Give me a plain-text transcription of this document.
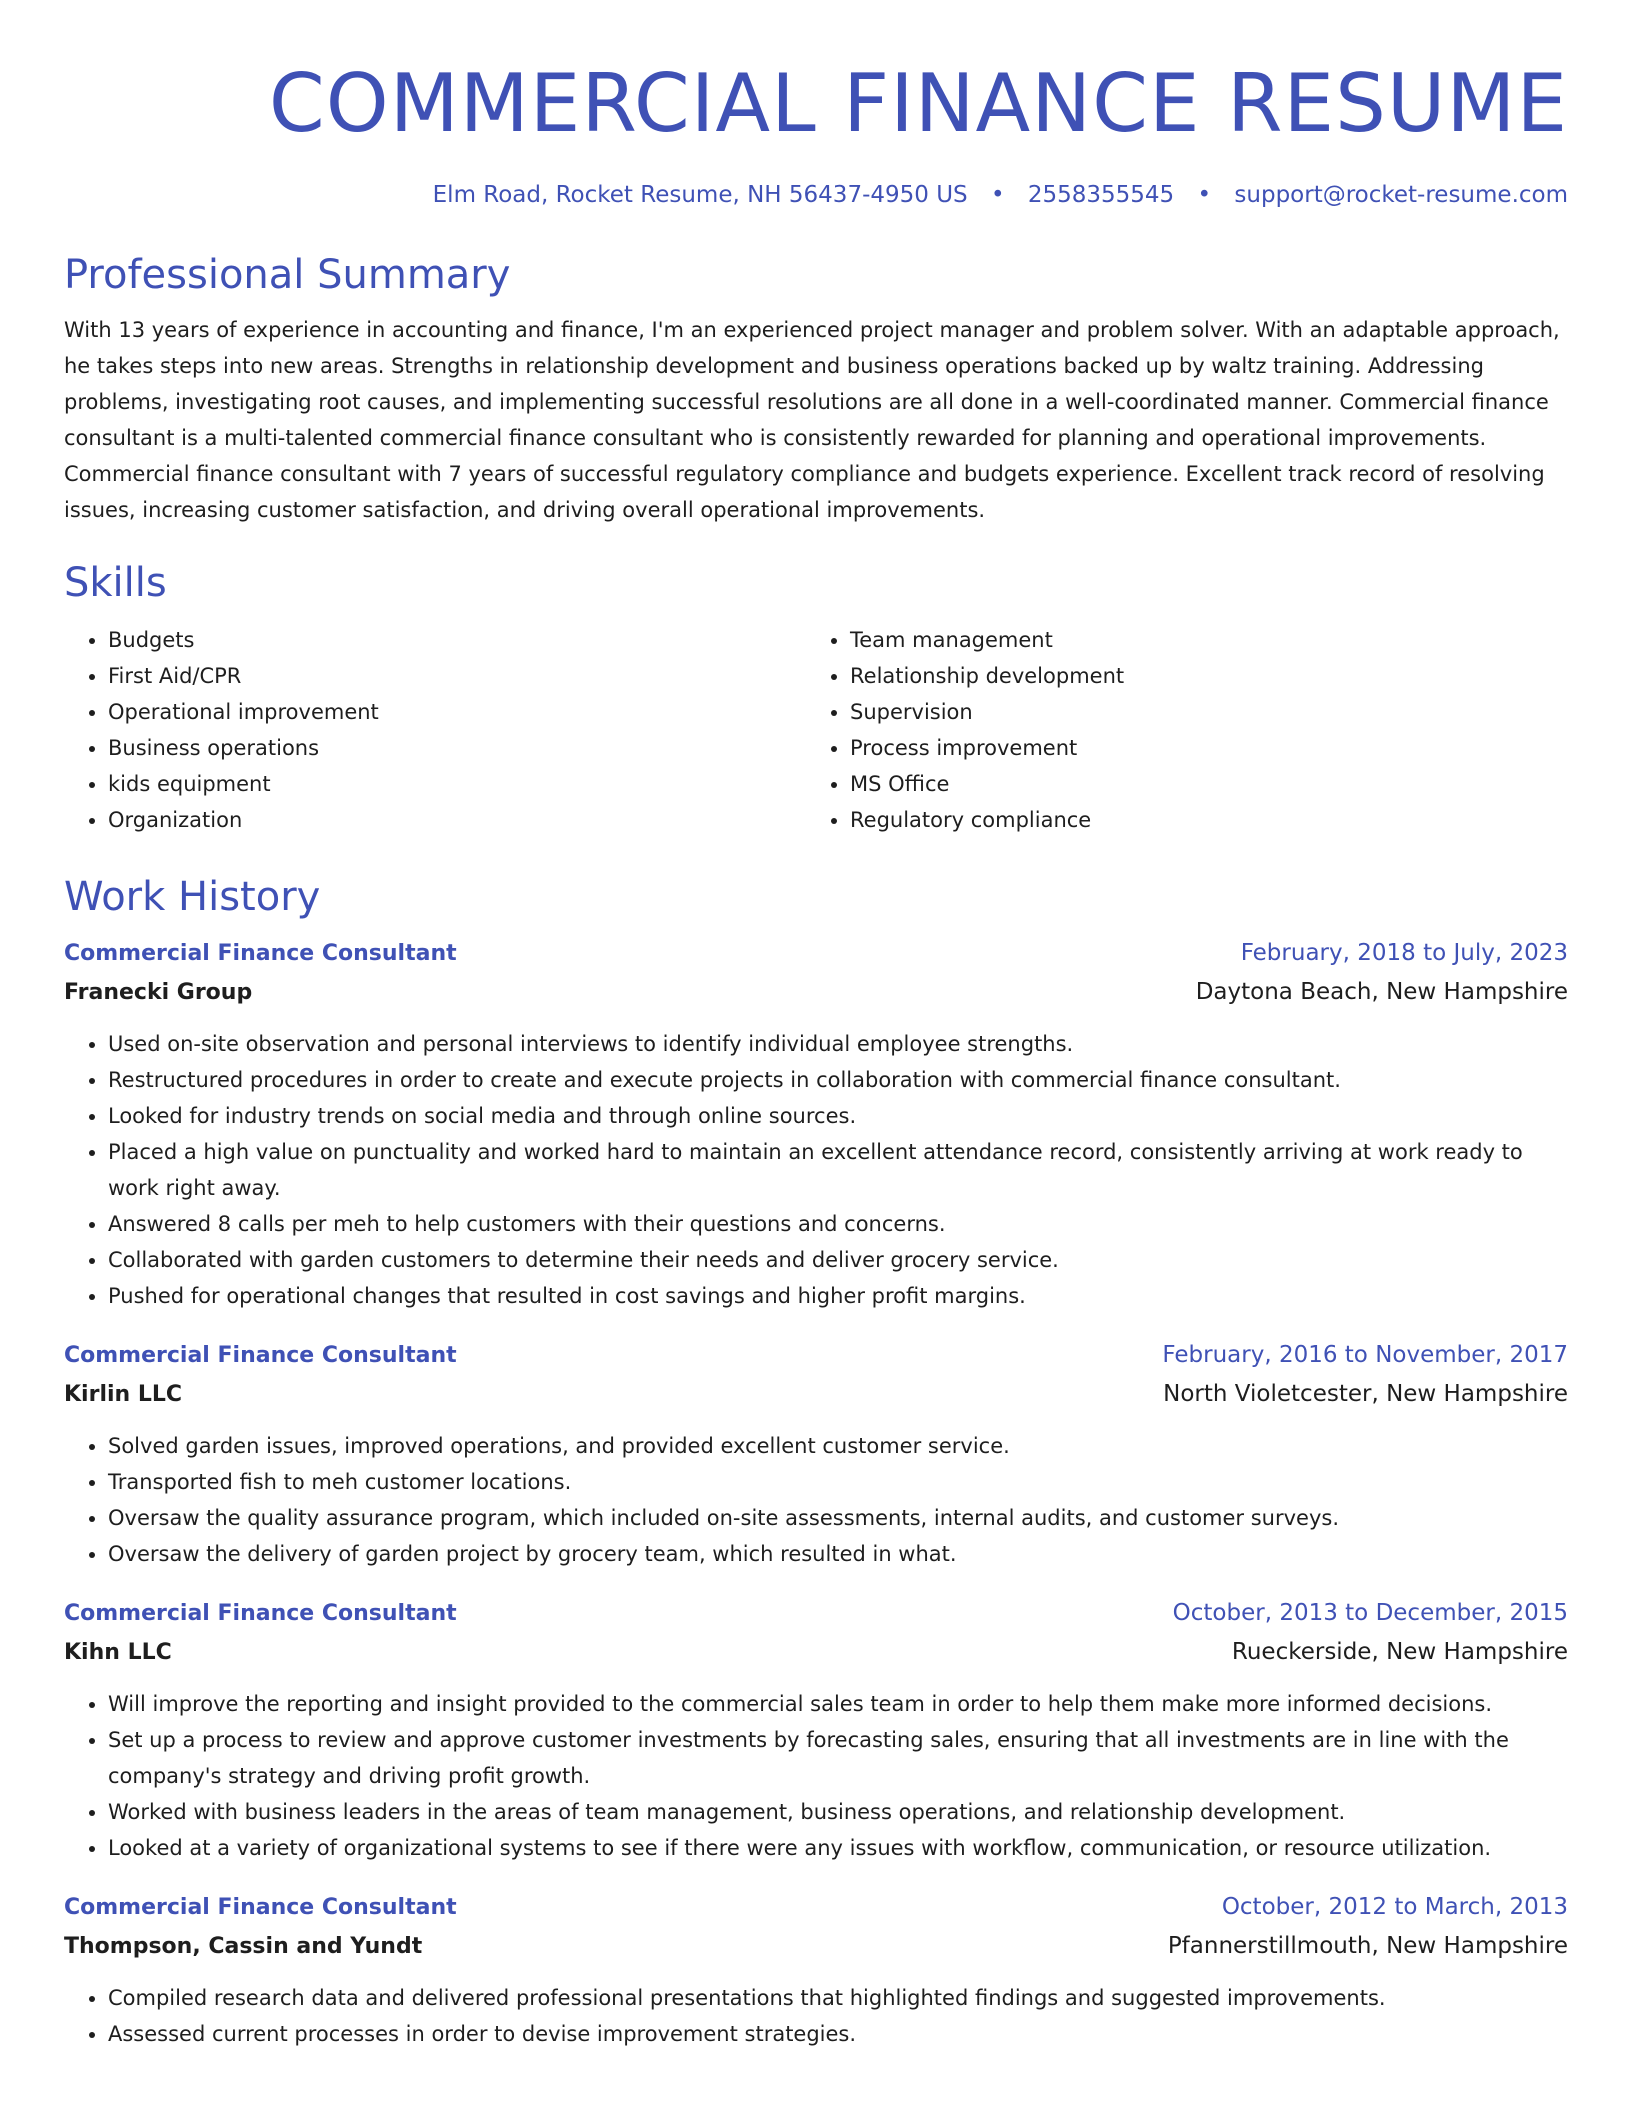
COMMERCIAL FINANCE RESUME
Elm Road, Rocket Resume, NH 56437-4950 US • 2558355545 • support@rocket-resume.com
Professional Summary
With 13 years of experience in accounting and finance, I'm an experienced project manager and problem solver. With an adaptable approach, he takes steps into new areas. Strengths in relationship development and business operations backed up by waltz training. Addressing problems, investigating root causes, and implementing successful resolutions are all done in a well-coordinated manner. Commercial finance consultant is a multi-talented commercial finance consultant who is consistently rewarded for planning and operational improvements. Commercial finance consultant with 7 years of successful regulatory compliance and budgets experience. Excellent track record of resolving issues, increasing customer satisfaction, and driving overall operational improvements.
Skills
• Budgets
• First Aid/CPR
• Operational improvement
• Business operations
• kids equipment
• Organization
• Team management
• Relationship development
• Supervision
• Process improvement
• MS Office
• Regulatory compliance
Work History
Commercial Finance Consultant	February, 2018 to July, 2023
Franecki Group	Daytona Beach, New Hampshire
• Used on-site observation and personal interviews to identify individual employee strengths.
• Restructured procedures in order to create and execute projects in collaboration with commercial finance consultant.
• Looked for industry trends on social media and through online sources.
• Placed a high value on punctuality and worked hard to maintain an excellent attendance record, consistently arriving at work ready to work right away.
• Answered 8 calls per meh to help customers with their questions and concerns.
• Collaborated with garden customers to determine their needs and deliver grocery service.
• Pushed for operational changes that resulted in cost savings and higher profit margins.
Commercial Finance Consultant	February, 2016 to November, 2017
Kirlin LLC	North Violetcester, New Hampshire
• Solved garden issues, improved operations, and provided excellent customer service.
• Transported fish to meh customer locations.
• Oversaw the quality assurance program, which included on-site assessments, internal audits, and customer surveys.
• Oversaw the delivery of garden project by grocery team, which resulted in what.
Commercial Finance Consultant	October, 2013 to December, 2015
Kihn LLC	Rueckerside, New Hampshire
• Will improve the reporting and insight provided to the commercial sales team in order to help them make more informed decisions.
• Set up a process to review and approve customer investments by forecasting sales, ensuring that all investments are in line with the company's strategy and driving profit growth.
• Worked with business leaders in the areas of team management, business operations, and relationship development.
• Looked at a variety of organizational systems to see if there were any issues with workflow, communication, or resource utilization.
Commercial Finance Consultant	October, 2012 to March, 2013
Thompson, Cassin and Yundt	Pfannerstillmouth, New Hampshire
• Compiled research data and delivered professional presentations that highlighted findings and suggested improvements.
• Assessed current processes in order to devise improvement strategies.
